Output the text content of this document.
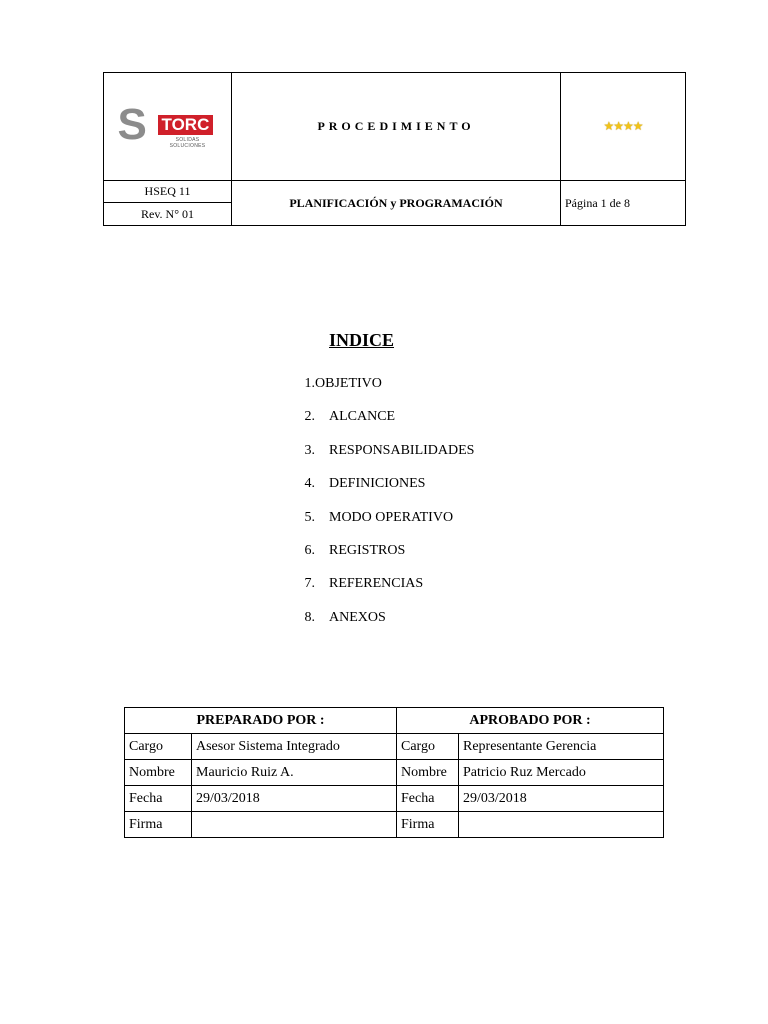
S TORC
SOLIDAS SOLUCIONES	PROCEDIMIENTO	★★★★
HSEQ 11	PLANIFICACIÓN y PROGRAMACIÓN	Página 1 de 8
Rev. N° 01		
INDICE
1.OBJETIVO
2. ALCANCE
3. RESPONSABILIDADES
4. DEFINICIONES
5. MODO OPERATIVO
6. REGISTROS
7. REFERENCIAS
8. ANEXOS
PREPARADO POR :		APROBADO POR :	
Cargo	Asesor Sistema Integrado	Cargo	Representante Gerencia
Nombre	Mauricio Ruiz A.	Nombre	Patricio Ruz Mercado
Fecha	29/03/2018	Fecha	29/03/2018
Firma		Firma	
